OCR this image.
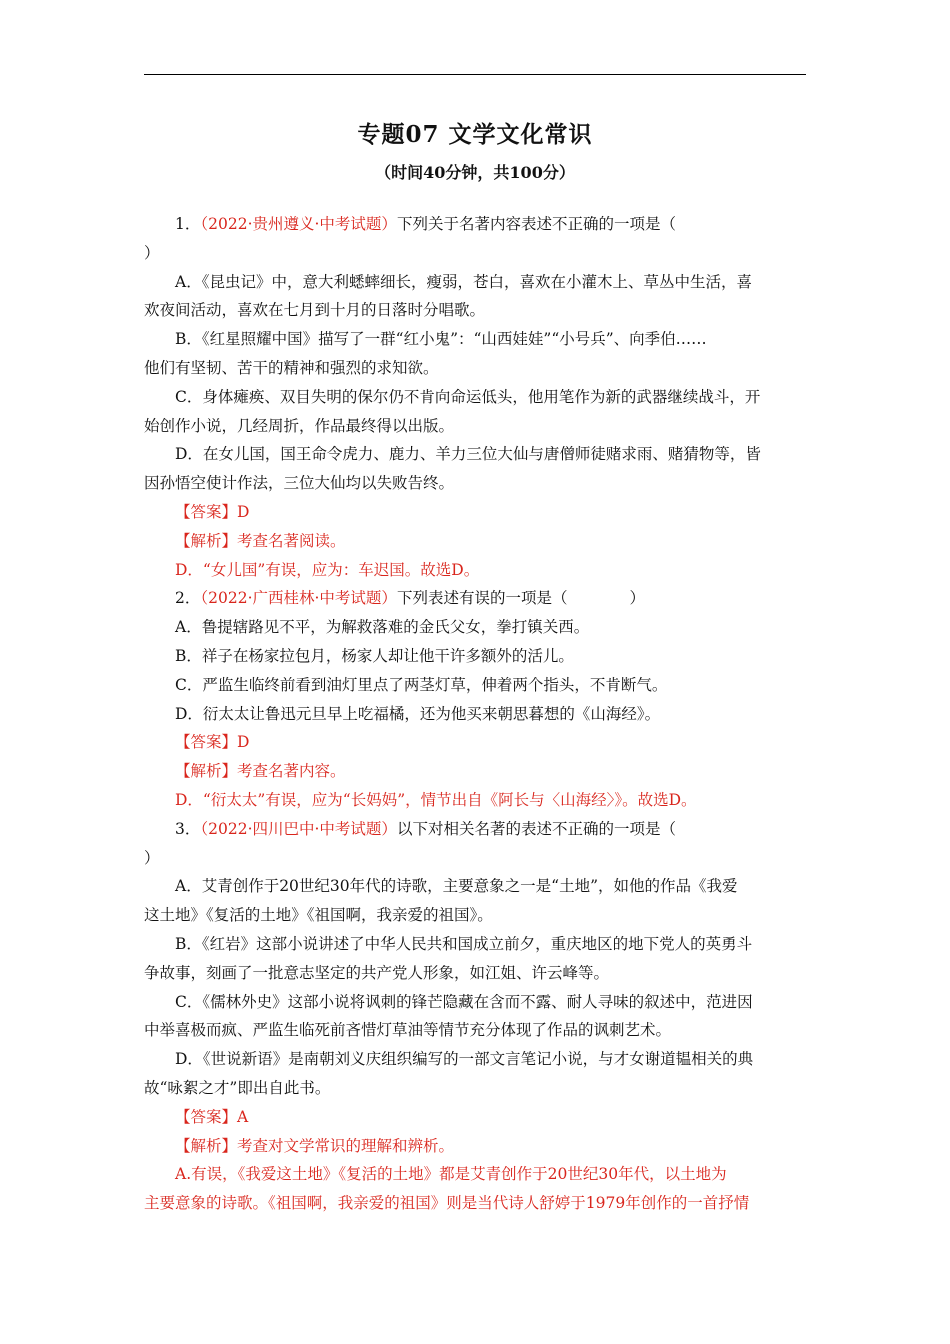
专题07 文学文化常识
（时间40分钟，共100分）
1．（2022·贵州遵义·中考试题）下列关于名著内容表述不正确的一项是（
）
A．《昆虫记》中，意大利蟋蟀细长，瘦弱，苍白，喜欢在小灌木上、草丛中生活，喜
欢夜间活动，喜欢在七月到十月的日落时分唱歌。
B．《红星照耀中国》描写了一群“红小鬼”：“山西娃娃”“小号兵”、向季伯……
他们有坚韧、苦干的精神和强烈的求知欲。
C．身体瘫痪、双目失明的保尔仍不肯向命运低头，他用笔作为新的武器继续战斗，开
始创作小说，几经周折，作品最终得以出版。
D．在女儿国，国王命令虎力、鹿力、羊力三位大仙与唐僧师徒赌求雨、赌猜物等，皆
因孙悟空使计作法，三位大仙均以失败告终。
【答案】D
【解析】考查名著阅读。
D．“女儿国”有误，应为：车迟国。故选D。
2．（2022·广西桂林·中考试题）下列表述
有误的一项是（　　　　）
A．鲁提辖路见不平，为解救落难的金氏父女，拳打镇关西。
B．祥子在杨家拉包月，杨家人却让他干许多额外的活儿。
C．严监生临终前看到油灯里点了两茎灯草，伸着两个指头，不肯断气。
D．衍太太让鲁迅元旦早上吃福橘，还为他买来朝思暮想的《山海经》。
【答案】D
【解析】考查名著内容。
D．“衍太太”有误，应为“长妈妈”，情节出自《阿长与〈山海经〉》。故选D。
3．（2022·四川巴中·中考试题）以下对相关名著的表述不正确的一项是（
）
A．艾青创作于20世纪30年代的诗歌，主要意象之一是“土地”，如他的作品《我爱
这土地》《复活的土地》《祖国啊，我亲爱的祖国》。
B．《红岩》这部小说讲述了中华人民共和国成立前夕，重庆地区的地下党人的英勇斗
争故事，刻画了一批意志坚定的共产党人形象，如江姐、许云峰等。
C．《儒林外史》这部小说将讽刺的锋芒隐藏在含而不露、耐人寻味的叙述中，范进因
中举喜极而疯、严监生临死前吝惜灯草油等情节充分体现了作品的讽刺艺术。
D．《世说新语》是南朝刘义庆组织编写的一部文言笔记小说，与才女谢道韫相关的典
故“咏絮之才”即出自此书。
【答案】A
【解析】考查对文学常识的理解和辨析。
A.有误，《我爱这土地》《复活的土地》都是艾青创作于20世纪30年代，以土地为
主要意象的诗歌。《祖国啊，我亲爱的祖国》则是当代诗人舒婷于1979年创作的一首抒情
